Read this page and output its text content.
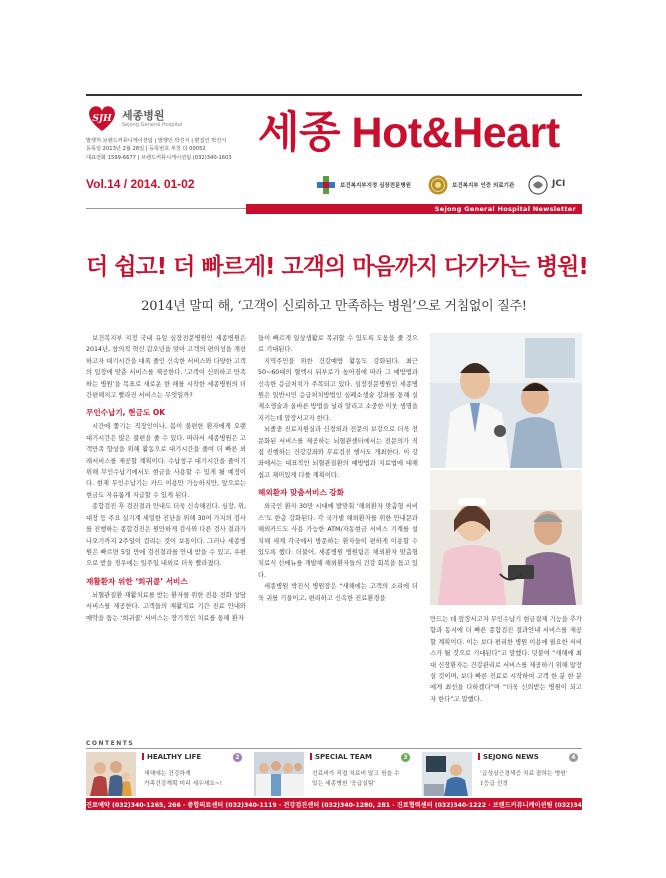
SJH 세종병원
Sejong General Hospital
발행처 브랜드커뮤니케이션팀 | 발행인 박진식 | 편집인 박진식
등록일 2013년 2월 28일 | 등록번호 부천 다 00052
대표전화 1599-6677 | 브랜드커뮤니케이션팀 (032)340-1603
세종 Hot&Heart
Vol.14 / 2014. 01-02	보건복지부지정 심장전문병원	보건복지부 인증 의료기관	JCI
Sejong General Hospital Newsletter
더 쉽고! 더 빠르게! 고객의 마음까지 다가가는 병원!
2014년 말띠 해, ‘고객이 신뢰하고 만족하는 병원’으로 거침없이 질주!

보건복지부 지정 국내 유일 심장전문병원인 세종병원은 2014년, 창의적 혁신 갑오년을 맞아 고객의 편의성을 개선하고자 대기시간을 대폭 줄인 신속한 서비스와 다양한 고객의 입장에 맞춘 서비스를 제공한다. ‘고객이 신뢰하고 만족하는 병원’을 목표로 새로운 한 해를 시작한 세종병원의 더 간편해지고 빨라진 서비스는 무엇일까?

무인수납기, 현금도 OK

시간에 쫓기는 직장인이나, 몸이 불편한 환자에게 오랜 대기시간은 많은 불편을 줄 수 있다. 따라서 세종병원은 고객만족 향상을 위해 활동으로 대기시간을 줄여 더 빠른 외래서비스를 제공할 계획이다. 수납창구 대기시간을 줄이기 위해 무인수납기에서도 현금을 사용할 수 있게 될 예정이다. 현재 무인수납기는 카드 이용만 가능하지만, 앞으로는 현금도 자유롭게 지급할 수 있게 된다.

종합검진 후 검진결과 안내도 더욱 신속해진다. 심장, 위, 대장 등 주요 실기계 세밀한 진단을 위해 30여 가지의 검사를 진행하는 종합검진은 원만하게 검사와 다른 검사 결과가 나오기까지 2주일이 걸리는 것이 보통이다. 그러나 세종병원은 빠르면 5일 만에 검진결과를 안내 받을 수 있고, 우편으로 받을 경우에는 일주일 내외로 더욱 빨라졌다.

재활환자 위한 ‘희귀콜’ 서비스

뇌혈관질환 재활치료를 받는 환자를 위한 전용 전화 상담 서비스를 제공한다. 고객들의 재활치료 기간 진료 안내와 예약을 돕는 ‘희귀콜’ 서비스는 장기적인 치료를 통해 환자

들이 빠르게 일상생활로 복귀할 수 있도록 도움을 줄 것으로 기대된다.

지역주민을 위한 건강예방 활동도 강화된다. 최근 50~60대의 혈액시 뒤부로가 높아짐에 따라 그 예방법과 신속한 응급처치가 주목되고 있다. 심장전문병원인 세종병원은 일반시민 응급처치방법인 심폐소생술 강좌를 통해 실제소생술과 올바른 방법을 널리 알리고 소중한 이웃 생명을 지키는데 앞장서고자 한다.

뇌졸중 진료지원실과 신경외과 전문의 보강으로 더욱 전문화된 서비스를 제공하는 뇌혈관센터에서는 전문의가 직접 진행하는 건강강좌와 무료검진 행사도 개최한다. 이 강좌에서는 대표적인 뇌혈관질환의 예방법과 치료법에 대해 쉽고 재미있게 다룰 계획이다.

해외환자 맞춤서비스 강화

외국인 환자 30만 시대에 발맞춰 ‘해외환자 맞춤형 서비스’도 한층 강화된다. 각 국가별 해외환자를 위한 안내문과 해외카드도 사용 가능한 ATM/자동현금 서비스 기계를 설치해 세계 각국에서 방문하는 환자들이 편하게 이용할 수 있도록 했다. 더불어, 세종병원 병원팀은 해외환자 맞춤형 치료식 신메뉴를 개발해 해외환자들의 건강 회복을 돕고 있다.

세종병원 박진식 병원장은 “새해에는 고객의 소리에 더욱 귀를 기울이고, 편리하고 신속한 진료환경을

만드는 데 앞장서고자 무인수납기 현금결제 기능을 추가함과 동시에 더 빠른 종합검진 결과안내 서비스를 제공할 계획이다. 이는 보다 편리한 병원 이용에 필요한 서비스가 될 것으로 기대된다”고 말했다. 덧붙여 “새해에 최대 신장환자는 건강관리로 서비스를 제공하기 위해 앞장설 것이며, 보다 빠른 진료로 시작하여 고객 한 분 한 분에게 최선을 다하겠다”며 “더욱 신뢰받는 병원이 되고자 한다”고 말했다.

CONTENTS
HEALTHY LIFE	2
새해에는 건강하게
가족건강계획 미리 세우세요~!
SPECIAL TEAM	3
진료비가 직접 치료비 말고 원을 수
있는 세종병원 ‘응급실팀’
SEJONG NEWS	4
‘급성심근경색증 치료 잘하는 병원’
1등급 선정
진료예약 (032)340-1265, 266 · 종합의료센터 (032)340-1119 · 건강검진센터 (032)340-1280, 281 · 진료협력센터 (032)340-1222 · 브랜드커뮤니케이션팀 (032)340-1603
